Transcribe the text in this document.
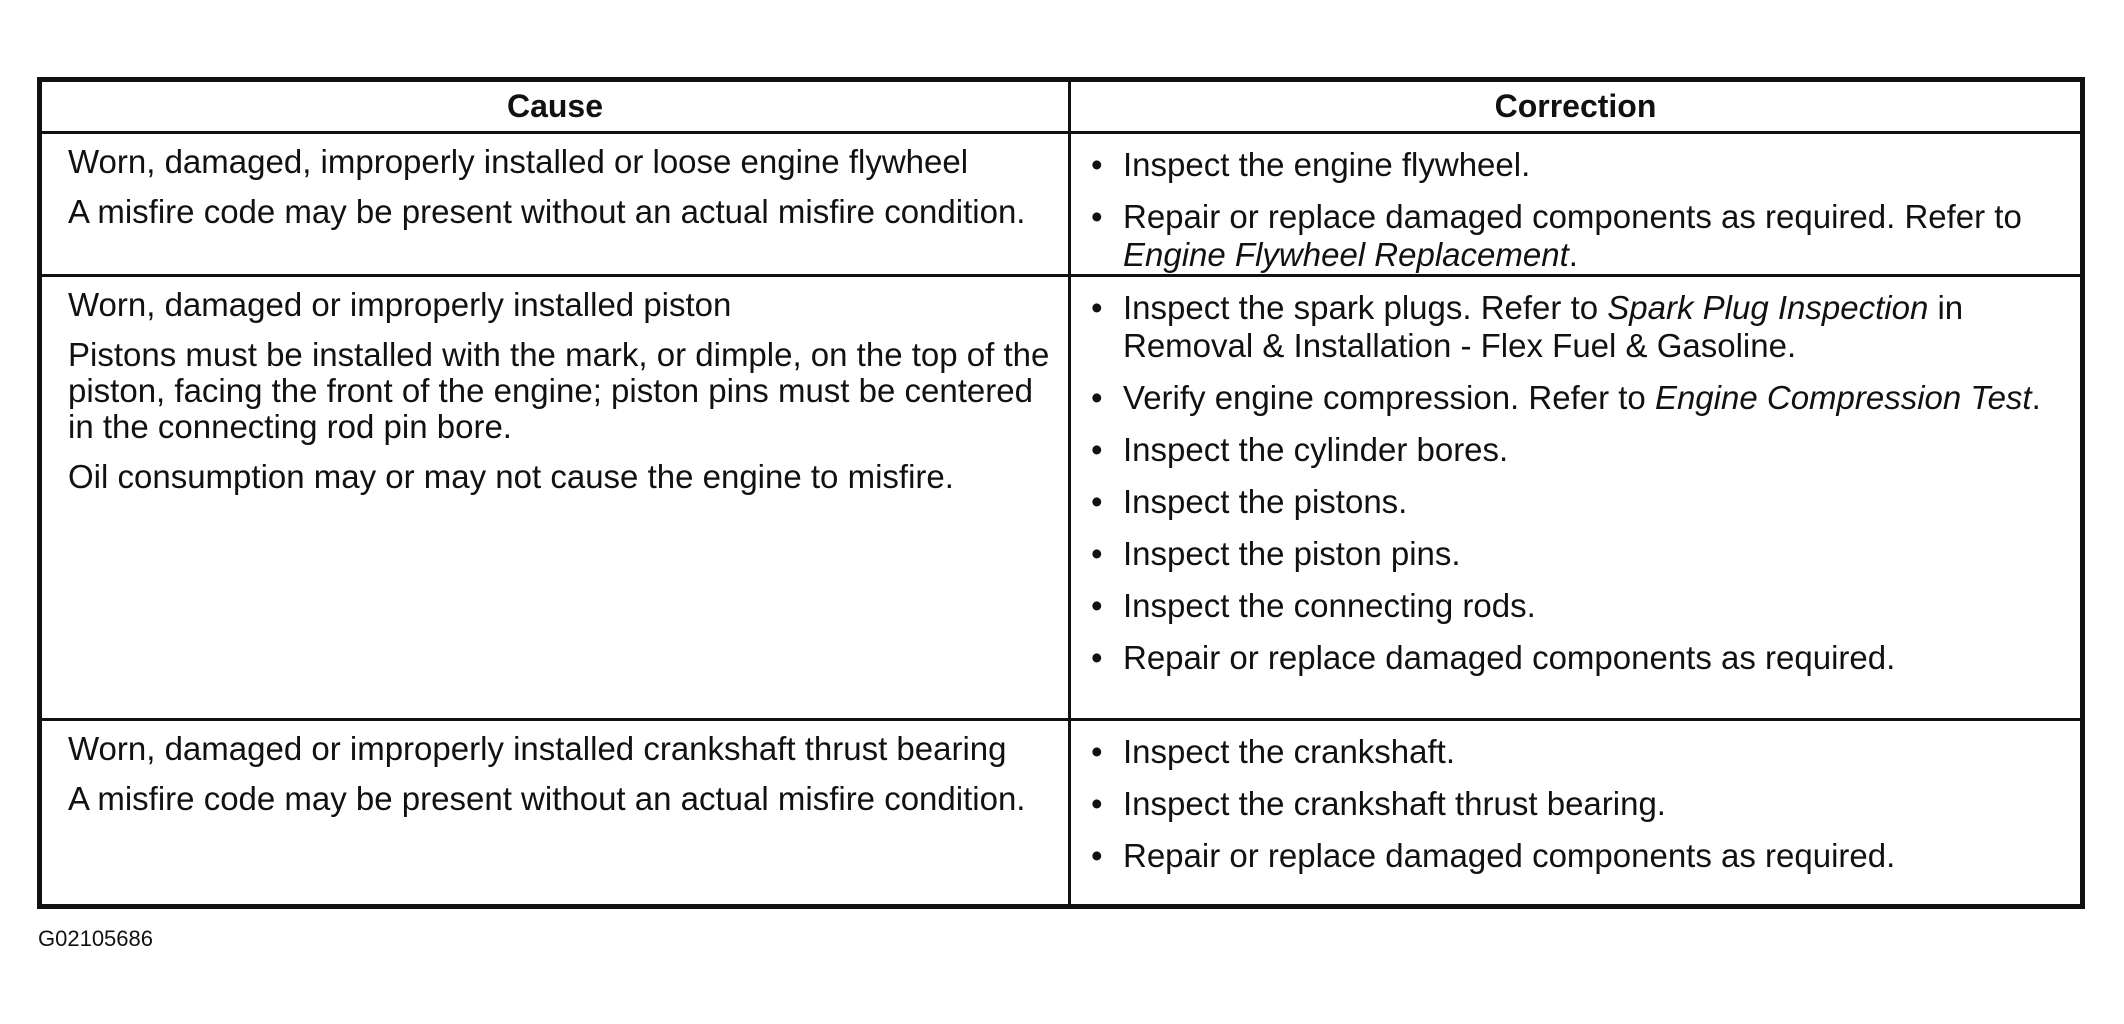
Cause	Correction

Worn, damaged, improperly installed or loose engine flywheel

A misfire code may be present without an actual misfire condition.

• Inspect the engine flywheel.
• Repair or replace damaged components as required. Refer to Engine Flywheel Replacement.

Worn, damaged or improperly installed piston

Pistons must be installed with the mark, or dimple, on the top of the piston, facing the front of the engine; piston pins must be centered in the connecting rod pin bore.

Oil consumption may or may not cause the engine to misfire.

• Inspect the spark plugs. Refer to Spark Plug Inspection in Removal & Installation - Flex Fuel & Gasoline.
• Verify engine compression. Refer to Engine Compression Test.
• Inspect the cylinder bores.
• Inspect the pistons.
• Inspect the piston pins.
• Inspect the connecting rods.
• Repair or replace damaged components as required.

Worn, damaged or improperly installed crankshaft thrust bearing

A misfire code may be present without an actual misfire condition.

• Inspect the crankshaft.
• Inspect the crankshaft thrust bearing.
• Repair or replace damaged components as required.
G02105686
